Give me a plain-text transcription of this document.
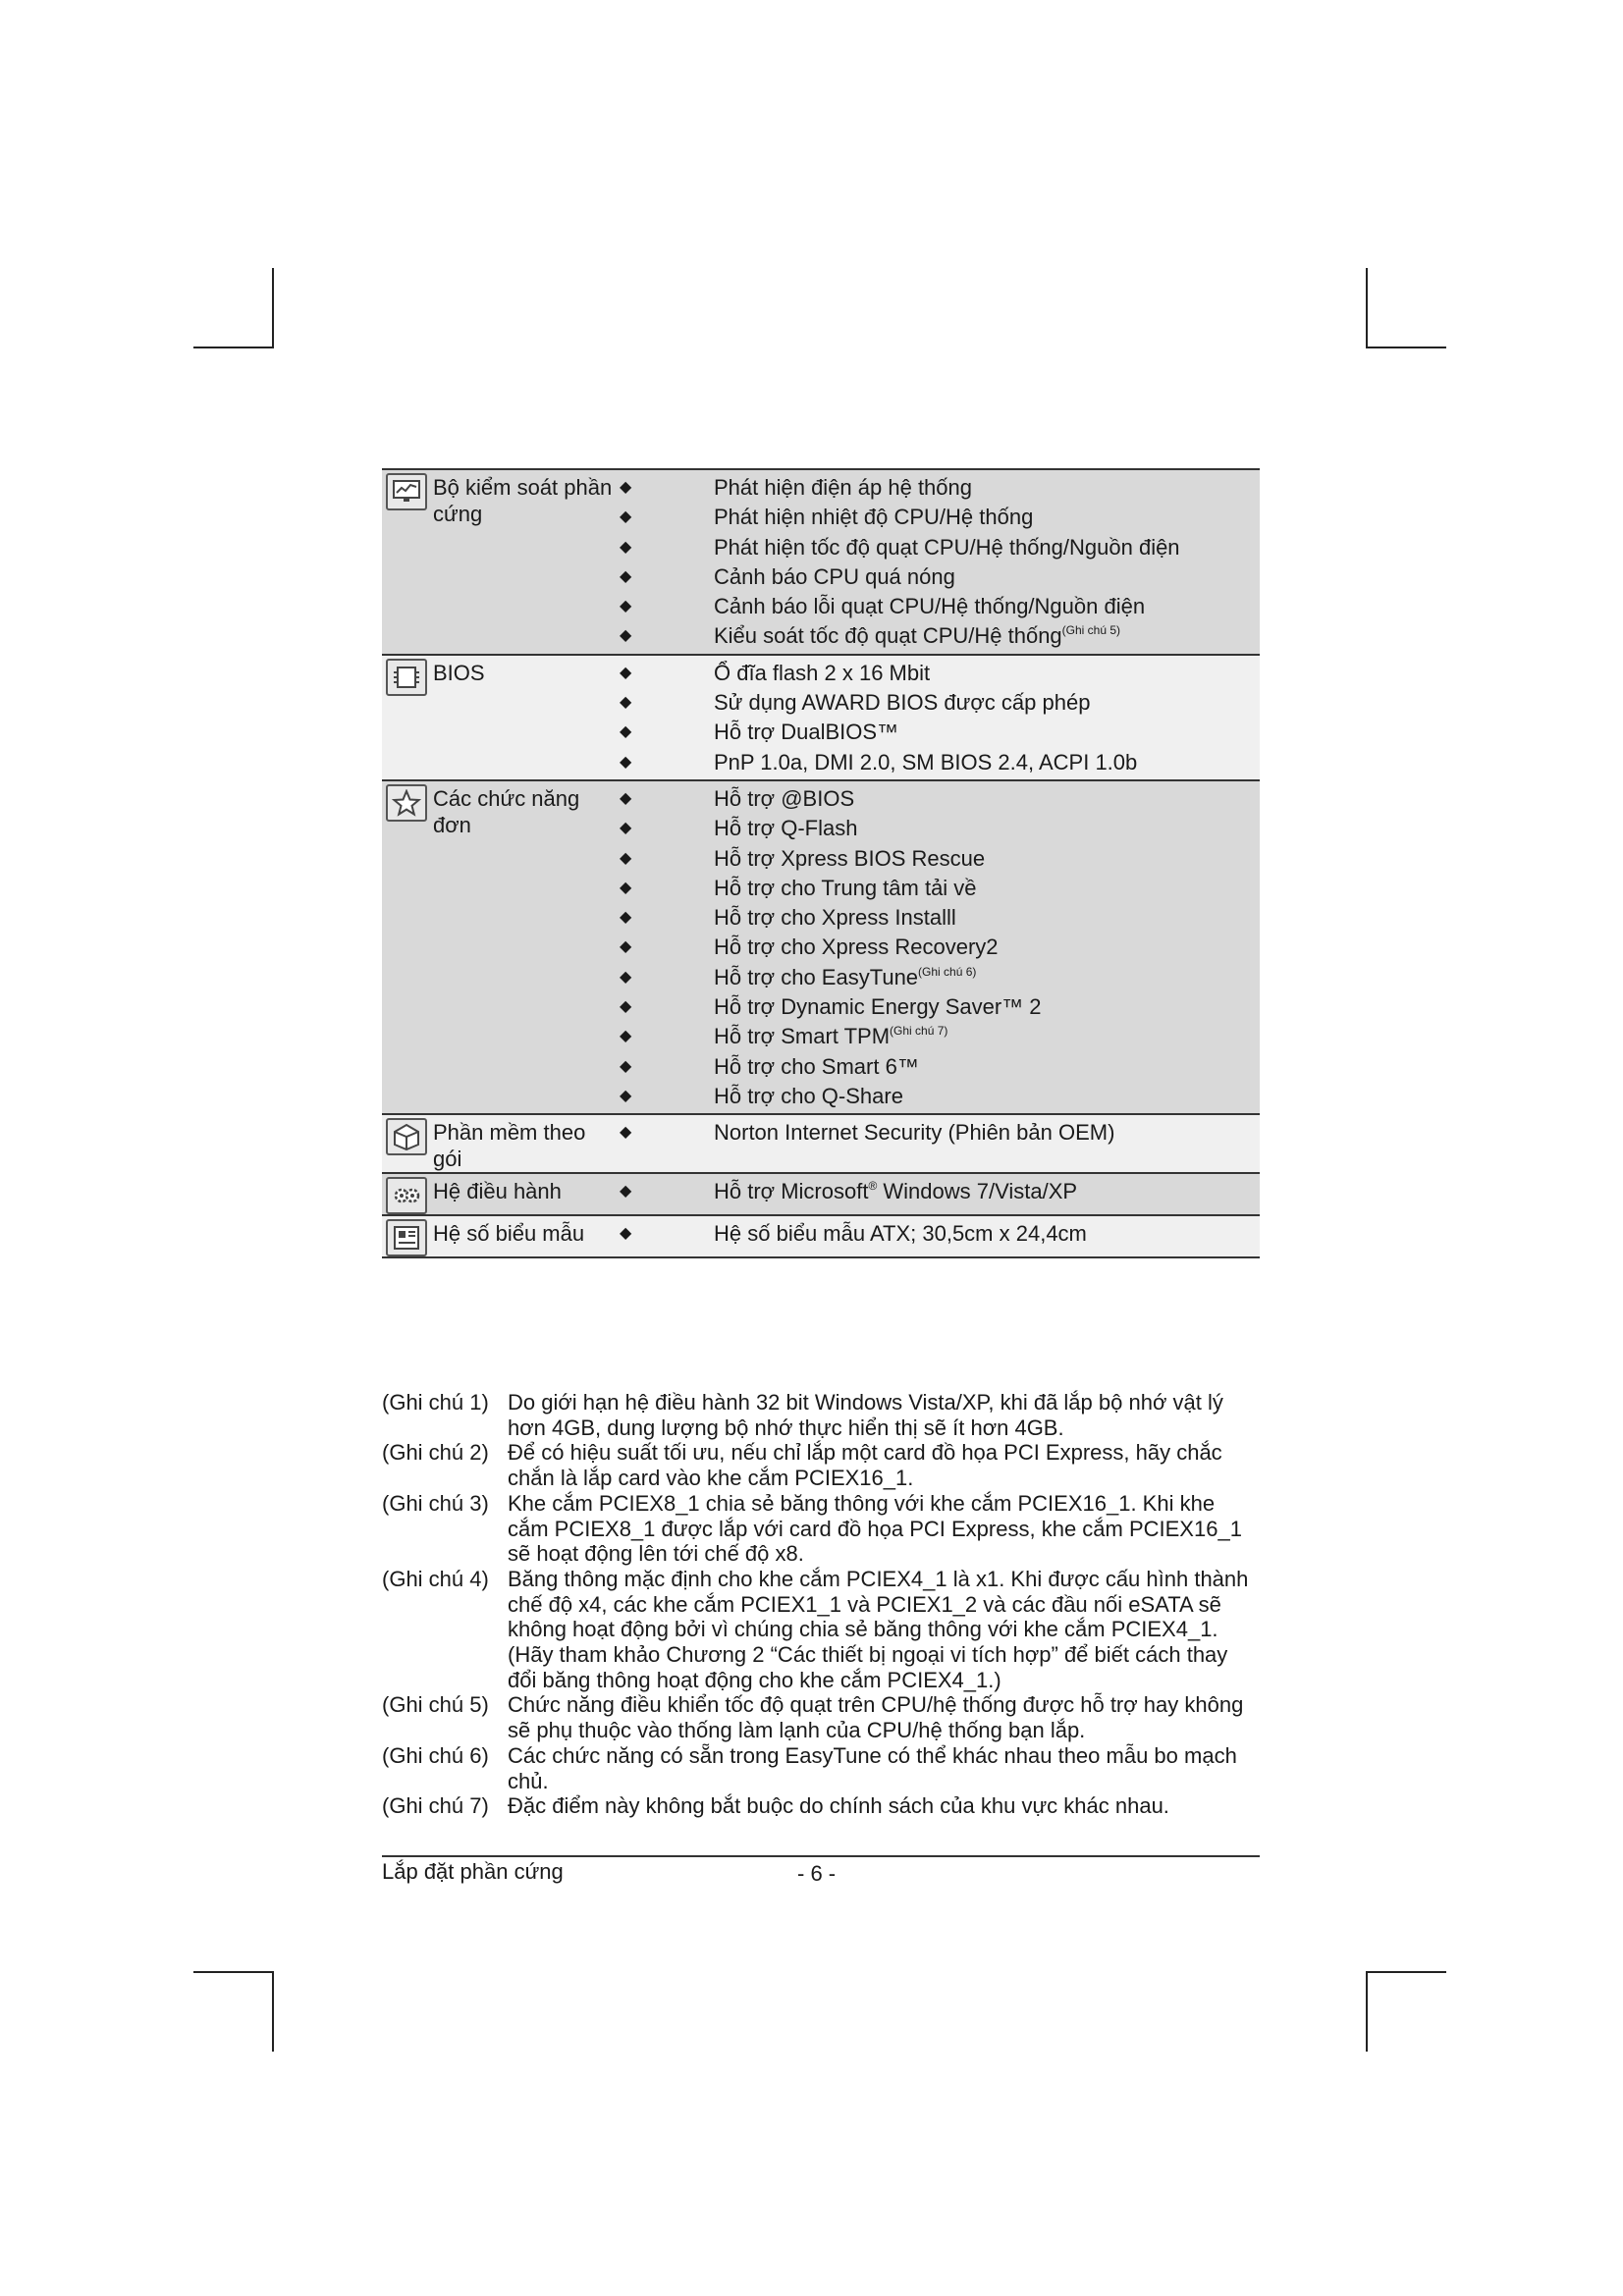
Bộ kiểm soát phần cứng
◆ Phát hiện điện áp hệ thống
◆ Phát hiện nhiệt độ CPU/Hệ thống
◆ Phát hiện tốc độ quạt CPU/Hệ thống/Nguồn điện
◆ Cảnh báo CPU quá nóng
◆ Cảnh báo lỗi quạt CPU/Hệ thống/Nguồn điện
◆ Kiểu soát tốc độ quạt CPU/Hệ thống$^{(Ghi chú 5)}$
BIOS	◆ Ổ đĩa flash 2 x 16 Mbit
◆ Sử dụng AWARD BIOS được cấp phép
◆ Hỗ trợ DualBIOS™
◆ PnP 1.0a, DMI 2.0, SM BIOS 2.4, ACPI 1.0b
Các chức năng đơn
◆ Hỗ trợ @BIOS
◆ Hỗ trợ Q-Flash
◆ Hỗ trợ Xpress BIOS Rescue
◆ Hỗ trợ cho Trung tâm tải về
◆ Hỗ trợ cho Xpress Installl
◆ Hỗ trợ cho Xpress Recovery2
◆ Hỗ trợ cho EasyTune$^{(Ghi chú 6)}$
◆ Hỗ trợ Dynamic Energy Saver™ 2
◆ Hỗ trợ Smart $TPM^{(Ghi chú 7)}$
◆ Hỗ trợ cho Smart 6™
◆ Hỗ trợ cho Q-Share
Phần mềm theo gói
◆ Norton Internet Security (Phiên bản OEM)
Hệ điều hành	◆ Hỗ trợ Microsoft® Windows 7/Vista/XP
Hệ số biểu mẫu	◆ Hệ số biểu mẫu ATX; 30,5cm x 24,4cm
(Ghi chú 1) Do giới hạn hệ điều hành 32 bit Windows Vista/XP, khi đã lắp bộ nhớ vật lý hơn 4GB, dung lượng bộ nhớ thực hiển thị sẽ ít hơn 4GB.
(Ghi chú 2) Để có hiệu suất tối ưu, nếu chỉ lắp một card đồ họa PCI Express, hãy chắc chắn là lắp card vào khe cắm PCIEX16_1.
(Ghi chú 3) Khe cắm PCIEX8_1 chia sẻ băng thông với khe cắm PCIEX16_1. Khi khe cắm PCIEX8_1 được lắp với card đồ họa PCI Express, khe cắm PCIEX16_1 sẽ hoạt động lên tới chế độ x8.
(Ghi chú 4) Băng thông mặc định cho khe cắm PCIEX4_1 là x1. Khi được cấu hình thành chế độ x4, các khe cắm PCIEX1_1 và PCIEX1_2 và các đầu nối eSATA sẽ không hoạt động bởi vì chúng chia sẻ băng thông với khe cắm PCIEX4_1. (Hãy tham khảo Chương 2 “Các thiết bị ngoại vi tích hợp” để biết cách thay đổi băng thông hoạt động cho khe cắm PCIEX4_1.)
(Ghi chú 5) Chức năng điều khiển tốc độ quạt trên CPU/hệ thống được hỗ trợ hay không sẽ phụ thuộc vào thống làm lạnh của CPU/hệ thống bạn lắp.
(Ghi chú 6) Các chức năng có sẵn trong EasyTune có thể khác nhau theo mẫu bo mạch chủ.
(Ghi chú 7) Đặc điểm này không bắt buộc do chính sách của khu vực khác nhau.
Lắp đặt phần cứng	- 6 -
